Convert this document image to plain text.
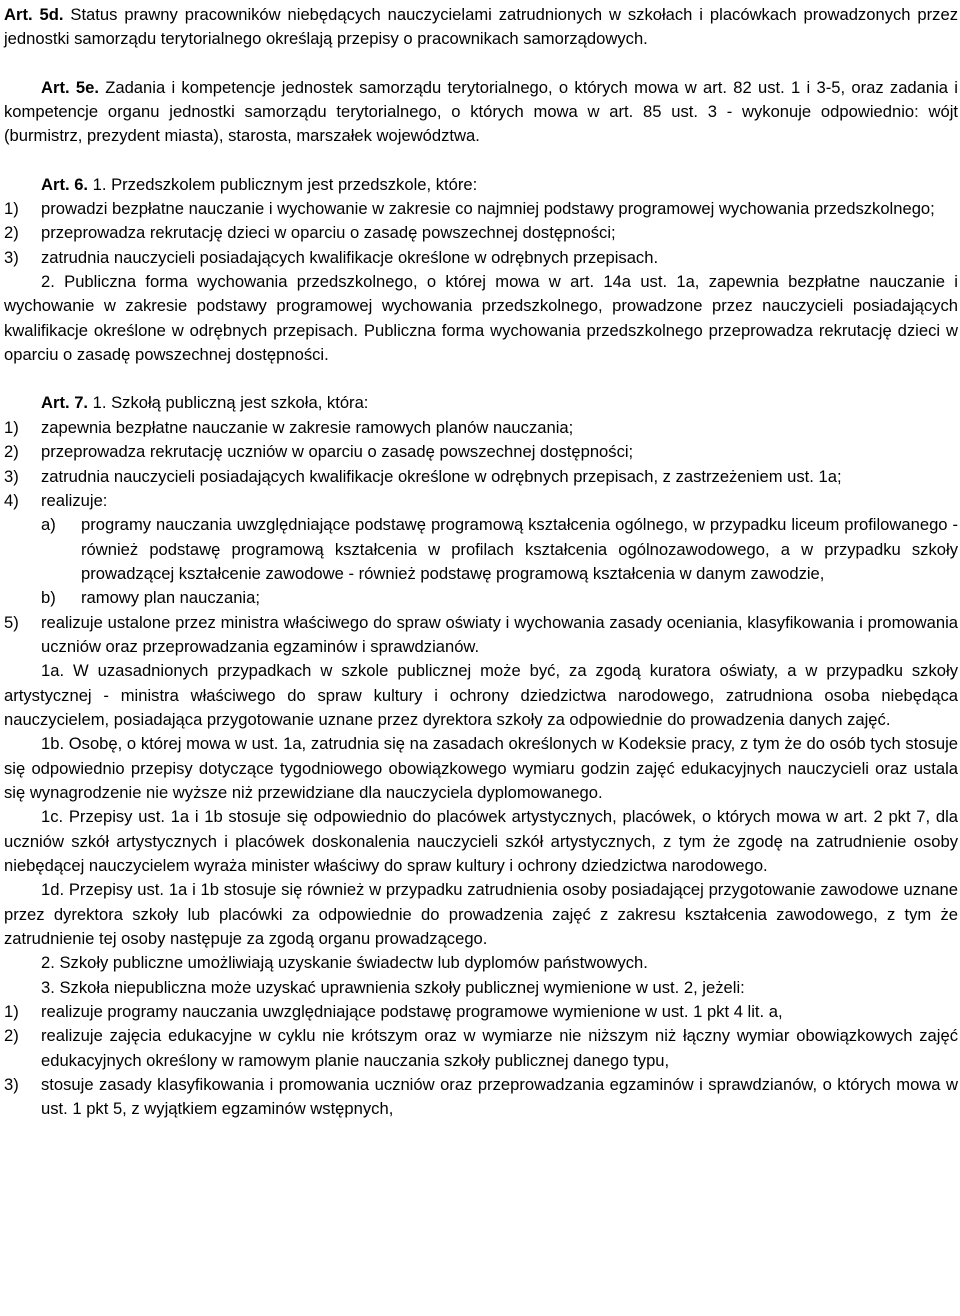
Art. 5d. Status prawny pracowników niebędących nauczycielami zatrudnionych w szkołach i placówkach prowadzonych przez jednostki samorządu terytorialnego określają przepisy o pracownikach samorządowych.

Art. 5e. Zadania i kompetencje jednostek samorządu terytorialnego, o których mowa w art. 82 ust. 1 i 3-5, oraz zadania i kompetencje organu jednostki samorządu terytorialnego, o których mowa w art. 85 ust. 3 - wykonuje odpowiednio: wójt (burmistrz, prezydent miasta), starosta, marszałek województwa.

Art. 6. 1. Przedszkolem publicznym jest przedszkole, które:

1) prowadzi bezpłatne nauczanie i wychowanie w zakresie co najmniej podstawy programowej wychowania przedszkolnego;
2) przeprowadza rekrutację dzieci w oparciu o zasadę powszechnej dostępności;
3) zatrudnia nauczycieli posiadających kwalifikacje określone w odrębnych przepisach.

2. Publiczna forma wychowania przedszkolnego, o której mowa w art. 14a ust. 1a, zapewnia bezpłatne nauczanie i wychowanie w zakresie podstawy programowej wychowania przedszkolnego, prowadzone przez nauczycieli posiadających kwalifikacje określone w odrębnych przepisach. Publiczna forma wychowania przedszkolnego przeprowadza rekrutację dzieci w oparciu o zasadę powszechnej dostępności.

Art. 7. 1. Szkołą publiczną jest szkoła, która:

1) zapewnia bezpłatne nauczanie w zakresie ramowych planów nauczania;
2) przeprowadza rekrutację uczniów w oparciu o zasadę powszechnej dostępności;
3) zatrudnia nauczycieli posiadających kwalifikacje określone w odrębnych przepisach, z zastrzeżeniem ust. 1a;
4) realizuje:
a) programy nauczania uwzględniające podstawę programową kształcenia ogólnego, w przypadku liceum profilowanego - również podstawę programową kształcenia w profilach kształcenia ogólnozawodowego, a w przypadku szkoły prowadzącej kształcenie zawodowe - również podstawę programową kształcenia w danym zawodzie,
b) ramowy plan nauczania;
5) realizuje ustalone przez ministra właściwego do spraw oświaty i wychowania zasady oceniania, klasyfikowania i promowania uczniów oraz przeprowadzania egzaminów i sprawdzianów.

1a. W uzasadnionych przypadkach w szkole publicznej może być, za zgodą kuratora oświaty, a w przypadku szkoły artystycznej - ministra właściwego do spraw kultury i ochrony dziedzictwa narodowego, zatrudniona osoba niebędąca nauczycielem, posiadająca przygotowanie uznane przez dyrektora szkoły za odpowiednie do prowadzenia danych zajęć.

1b. Osobę, o której mowa w ust. 1a, zatrudnia się na zasadach określonych w Kodeksie pracy, z tym że do osób tych stosuje się odpowiednio przepisy dotyczące tygodniowego obowiązkowego wymiaru godzin zajęć edukacyjnych nauczycieli oraz ustala się wynagrodzenie nie wyższe niż przewidziane dla nauczyciela dyplomowanego.

1c. Przepisy ust. 1a i 1b stosuje się odpowiednio do placówek artystycznych, placówek, o których mowa w art. 2 pkt 7, dla uczniów szkół artystycznych i placówek doskonalenia nauczycieli szkół artystycznych, z tym że zgodę na zatrudnienie osoby niebędącej nauczycielem wyraża minister właściwy do spraw kultury i ochrony dziedzictwa narodowego.

1d. Przepisy ust. 1a i 1b stosuje się również w przypadku zatrudnienia osoby posiadającej przygotowanie zawodowe uznane przez dyrektora szkoły lub placówki za odpowiednie do prowadzenia zajęć z zakresu kształcenia zawodowego, z tym że zatrudnienie tej osoby następuje za zgodą organu prowadzącego.

2. Szkoły publiczne umożliwiają uzyskanie świadectw lub dyplomów państwowych.

3. Szkoła niepubliczna może uzyskać uprawnienia szkoły publicznej wymienione w ust. 2, jeżeli:

1) realizuje programy nauczania uwzględniające podstawę programowe wymienione w ust. 1 pkt 4 lit. a,
2) realizuje zajęcia edukacyjne w cyklu nie krótszym oraz w wymiarze nie niższym niż łączny wymiar obowiązkowych zajęć edukacyjnych określony w ramowym planie nauczania szkoły publicznej danego typu,
3) stosuje zasady klasyfikowania i promowania uczniów oraz przeprowadzania egzaminów i sprawdzianów, o których mowa w ust. 1 pkt 5, z wyjątkiem egzaminów wstępnych,
